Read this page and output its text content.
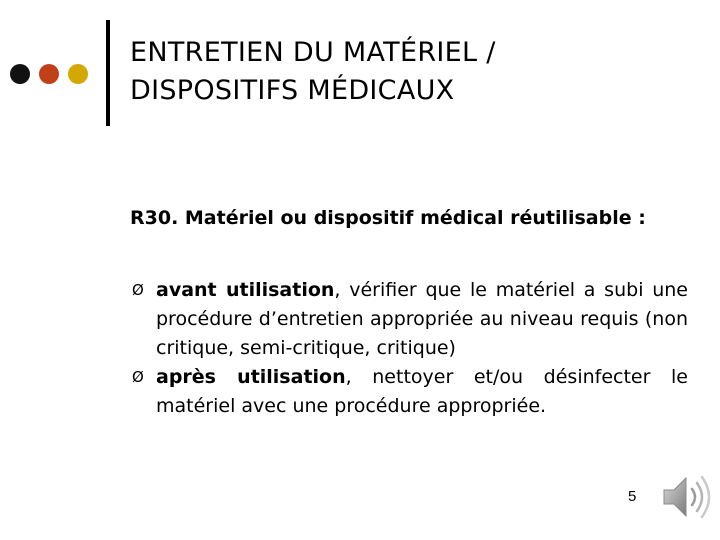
ENTRETIEN DU MATÉRIEL /
DISPOSITIFS MÉDICAUX

R30. Matériel ou dispositif médical réutilisable :

Ø avant utilisation, vérifier que le matériel a subi une procédure d’entretien appropriée au niveau requis (non critique, semi-critique, critique)
Ø après utilisation, nettoyer et/ou désinfecter le matériel avec une procédure appropriée.
5
